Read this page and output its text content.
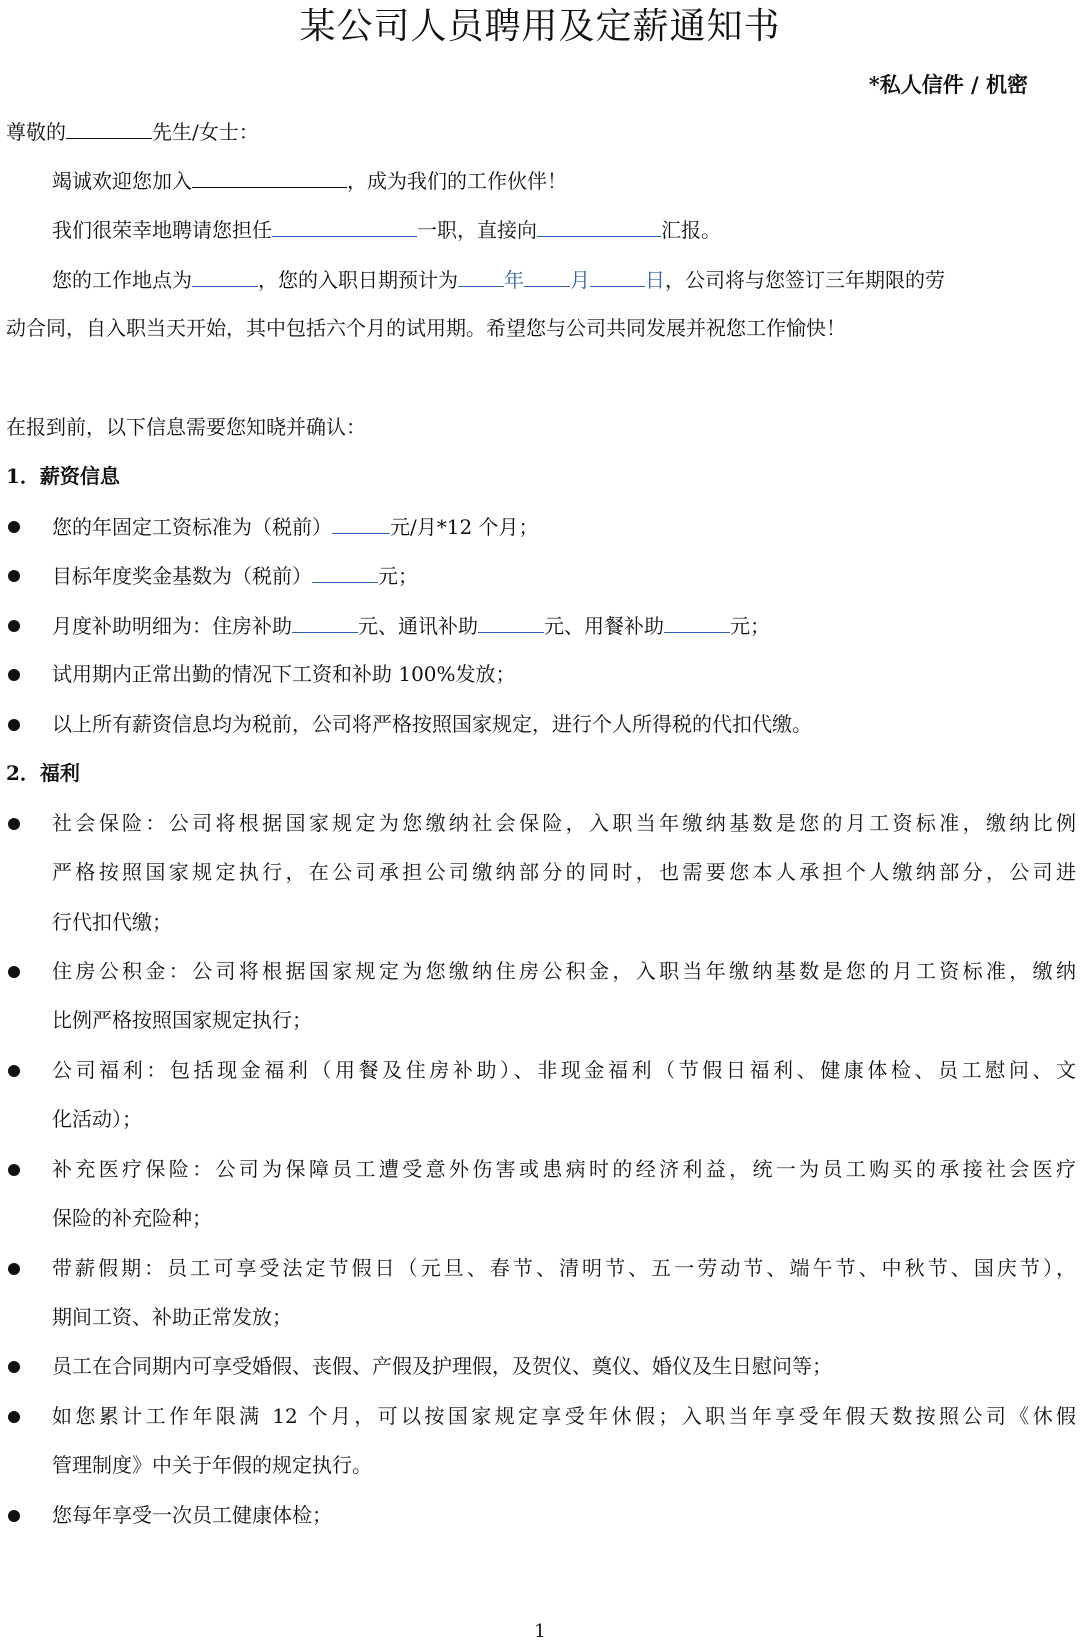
某公司人员聘用及定薪通知书
*私人信件 / 机密
尊敬的	先生/女士：
竭诚欢迎您加入	，成为我们的工作伙伴！
我们很荣幸地聘请您担任	一职，直接向	汇报。
您的工作地点为	，您的入职日期预计为 年 月	日，公司将与您签订三年期限的劳
动合同，自入职当天开始，其中包括六个月的试用期。希望您与公司共同发展并祝您工作愉快！
在报到前，以下信息需要您知晓并确认：
1．薪资信息
您的年固定工资标准为（税前）	元/月*12 个月；
目标年度奖金基数为（税前）	元；
月度补助明细为：住房补助	元、通讯补助	元、用餐补助	元；
试用期内正常出勤的情况下工资和补助 100%发放；
以上所有薪资信息均为税前，公司将严格按照国家规定，进行个人所得税的代扣代缴。
2．福利
社会保险：公司将根据国家规定为您缴纳社会保险，入职当年缴纳基数是您的月工资标准，缴纳比例
严格按照国家规定执行，在公司承担公司缴纳部分的同时，也需要您本人承担个人缴纳部分，公司进
行代扣代缴；
住房公积金：公司将根据国家规定为您缴纳住房公积金，入职当年缴纳基数是您的月工资标准，缴纳
比例严格按照国家规定执行；
公司福利：包括现金福利（用餐及住房补助）、非现金福利（节假日福利、健康体检、员工慰问、文
化活动）；
补充医疗保险：公司为保障员工遭受意外伤害或患病时的经济利益，统一为员工购买的承接社会医疗
保险的补充险种；
带薪假期：员工可享受法定节假日（元旦、春节、清明节、五一劳动节、端午节、中秋节、国庆节），
期间工资、补助正常发放；
员工在合同期内可享受婚假、丧假、产假及护理假，及贺仪、奠仪、婚仪及生日慰问等；
如您累计工作年限满 12 个月，可以按国家规定享受年休假；入职当年享受年假天数按照公司《休假
管理制度》中关于年假的规定执行。
您每年享受一次员工健康体检；
1
